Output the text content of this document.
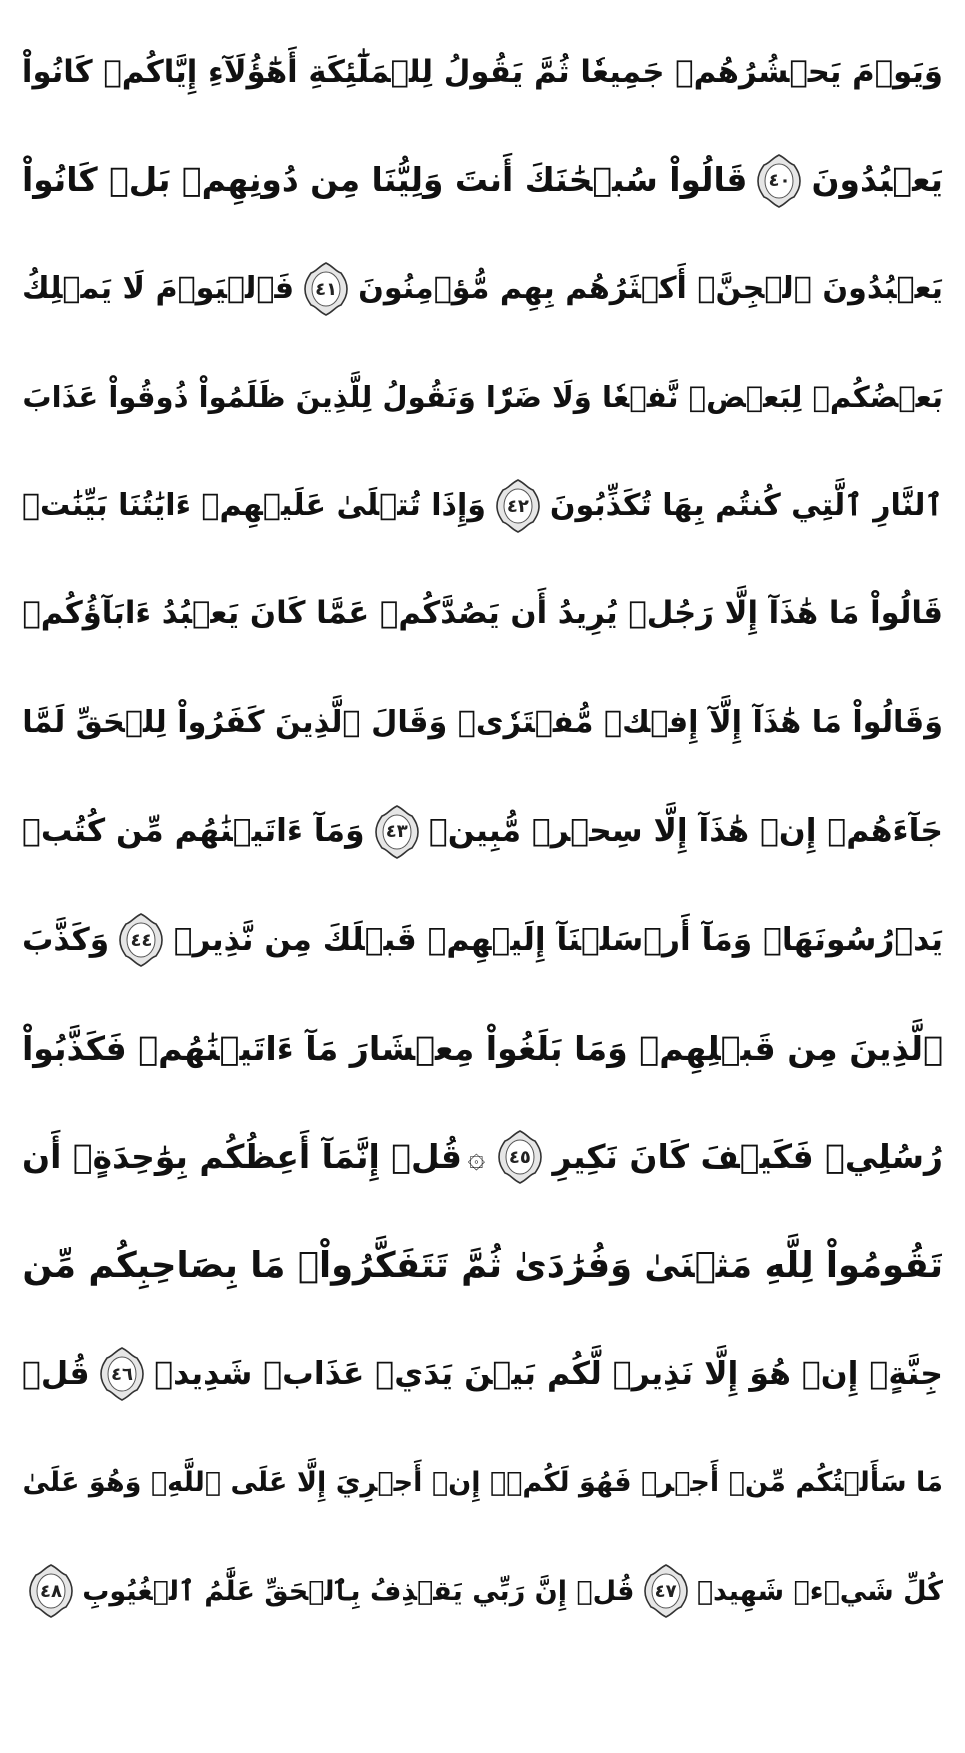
وَيَوۡمَ يَحۡشُرُهُمۡ جَمِيعٗا ثُمَّ يَقُولُ لِلۡمَلَٰٓئِكَةِ أَهَٰٓؤُلَآءِ إِيَّاكُمۡ كَانُواْ
يَعۡبُدُونَ
٤٠
قَالُواْ سُبۡحَٰنَكَ أَنتَ وَلِيُّنَا مِن دُونِهِمۖ بَلۡ كَانُواْ
يَعۡبُدُونَ ٱلۡجِنَّۖ أَكۡثَرُهُم بِهِم مُّؤۡمِنُونَ
٤١
فَٱلۡيَوۡمَ لَا يَمۡلِكُ
بَعۡضُكُمۡ لِبَعۡضٖ نَّفۡعٗا وَلَا ضَرّٗا وَنَقُولُ لِلَّذِينَ ظَلَمُواْ ذُوقُواْ عَذَابَ
ٱلنَّارِ ٱلَّتِي كُنتُم بِهَا تُكَذِّبُونَ
٤٢
وَإِذَا تُتۡلَىٰ عَلَيۡهِمۡ ءَايَٰتُنَا بَيِّنَٰتٖ
قَالُواْ مَا هَٰذَآ إِلَّا رَجُلٞ يُرِيدُ أَن يَصُدَّكُمۡ عَمَّا كَانَ يَعۡبُدُ ءَابَآؤُكُمۡ
وَقَالُواْ مَا هَٰذَآ إِلَّآ إِفۡكٞ مُّفۡتَرٗىۚ وَقَالَ ٱلَّذِينَ كَفَرُواْ لِلۡحَقِّ لَمَّا
جَآءَهُمۡ إِنۡ هَٰذَآ إِلَّا سِحۡرٞ مُّبِينٞ
٤٣
وَمَآ ءَاتَيۡنَٰهُم مِّن كُتُبٖ
يَدۡرُسُونَهَاۖ وَمَآ أَرۡسَلۡنَآ إِلَيۡهِمۡ قَبۡلَكَ مِن نَّذِيرٖ
٤٤
وَكَذَّبَ
ٱلَّذِينَ مِن قَبۡلِهِمۡ وَمَا بَلَغُواْ مِعۡشَارَ مَآ ءَاتَيۡنَٰهُمۡ فَكَذَّبُواْ
رُسُلِيۖ فَكَيۡفَ كَانَ نَكِيرِ
٤٥
۞
قُلۡ إِنَّمَآ أَعِظُكُم بِوَٰحِدَةٍۖ أَن
تَقُومُواْ لِلَّهِ مَثۡنَىٰ وَفُرَٰدَىٰ ثُمَّ تَتَفَكَّرُواْۚ مَا بِصَاحِبِكُم مِّن
جِنَّةٍۚ إِنۡ هُوَ إِلَّا نَذِيرٞ لَّكُم بَيۡنَ يَدَيۡ عَذَابٖ شَدِيدٖ
٤٦
قُلۡ
مَا سَأَلۡتُكُم مِّنۡ أَجۡرٖ فَهُوَ لَكُمۡۖ إِنۡ أَجۡرِيَ إِلَّا عَلَى ٱللَّهِۖ وَهُوَ عَلَىٰ
كُلِّ شَيۡءٖ شَهِيدٞ
٤٧
قُلۡ إِنَّ رَبِّي يَقۡذِفُ بِٱلۡحَقِّ عَلَّٰمُ ٱلۡغُيُوبِ
٤٨
